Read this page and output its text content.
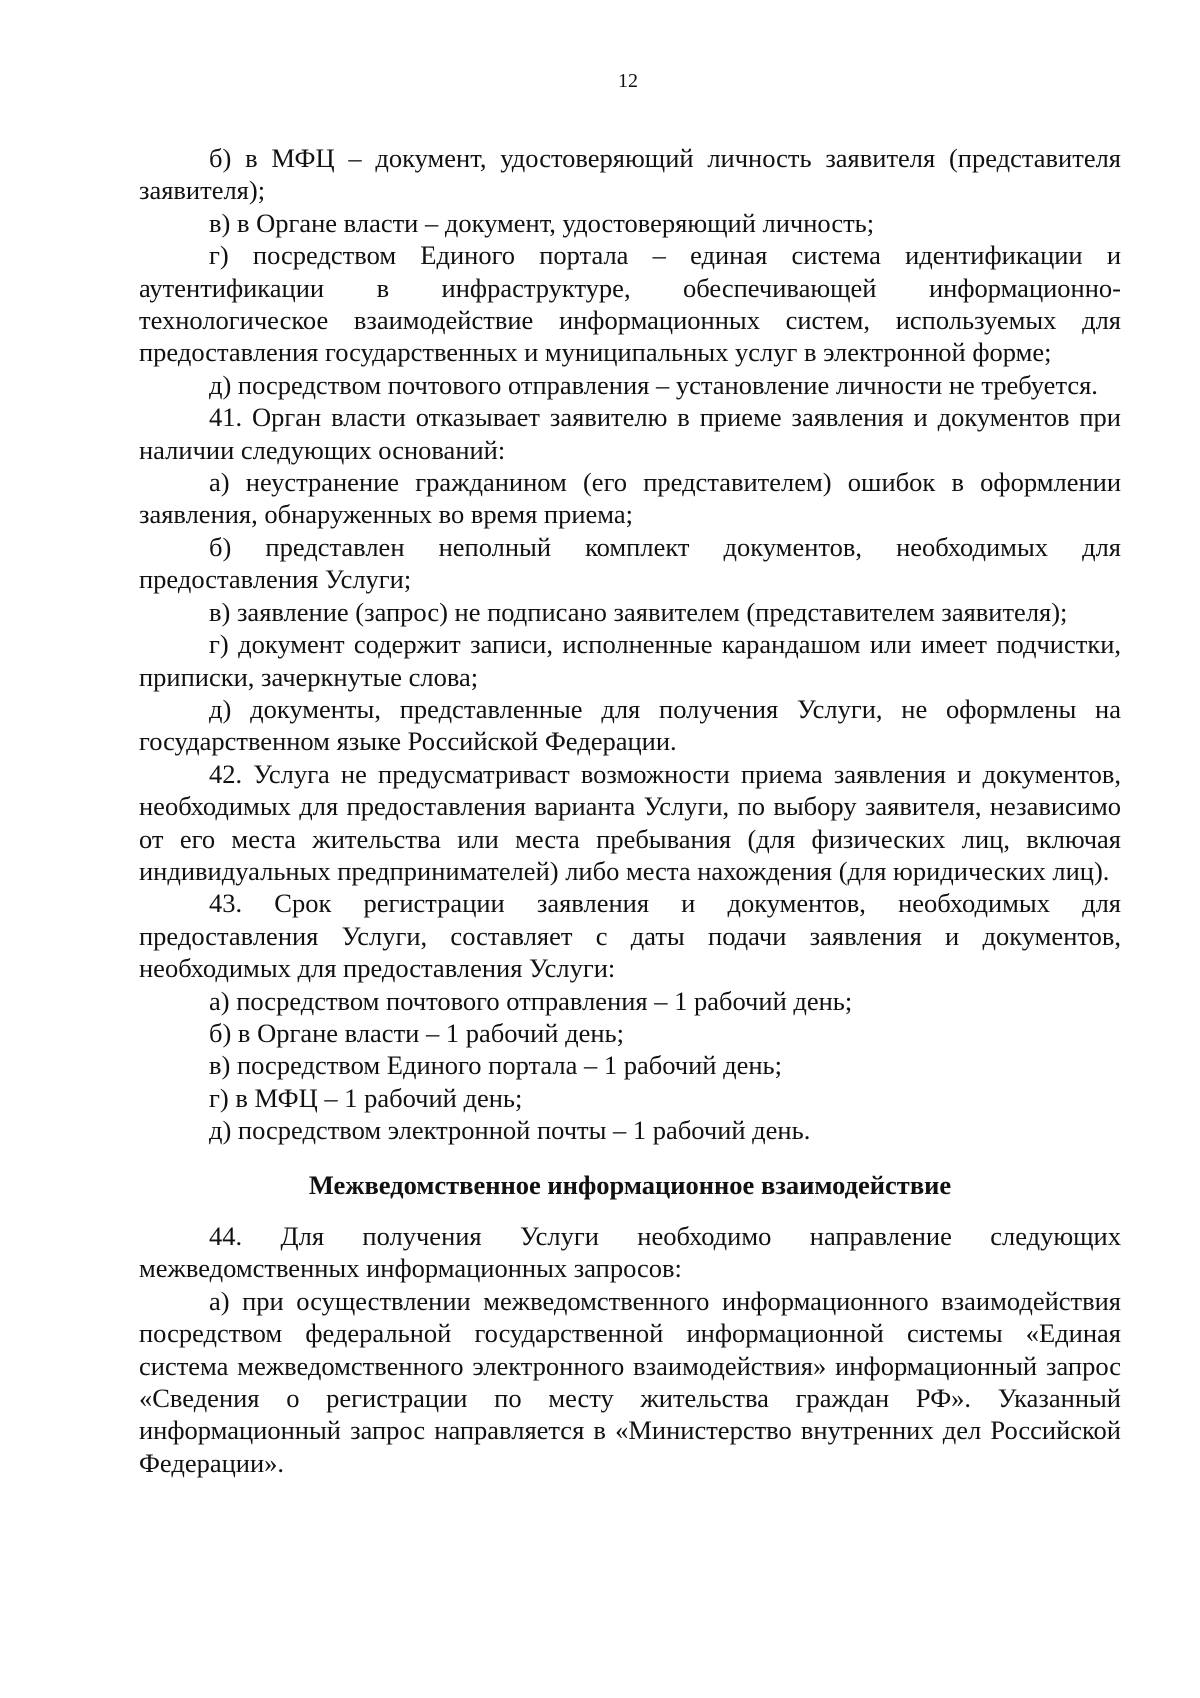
12

б) в МФЦ – документ, удостоверяющий личность заявителя (представителя заявителя);

в) в Органе власти – документ, удостоверяющий личность;

г) посредством Единого портала – единая система идентификации и аутентификации в инфраструктуре, обеспечивающей информационно-технологическое взаимодействие информационных систем, используемых для предоставления государственных и муниципальных услуг в электронной форме;

д) посредством почтового отправления – установление личности не требуется.

41. Орган власти отказывает заявителю в приеме заявления и документов при наличии следующих оснований:

а) неустранение гражданином (его представителем) ошибок в оформлении заявления, обнаруженных во время приема;

б) представлен неполный комплект документов, необходимых для предоставления Услуги;

в) заявление (запрос) не подписано заявителем (представителем заявителя);

г) документ содержит записи, исполненные карандашом или имеет подчистки, приписки, зачеркнутые слова;

д) документы, представленные для получения Услуги, не оформлены на государственном языке Российской Федерации.

42. Услуга не предусматриваст возможности приема заявления и документов, необходимых для предоставления варианта Услуги, по выбору заявителя, независимо от его места жительства или места пребывания (для физических лиц, включая индивидуальных предпринимателей) либо места нахождения (для юридических лиц).

43. Срок регистрации заявления и документов, необходимых для предоставления Услуги, составляет с даты подачи заявления и документов, необходимых для предоставления Услуги:

а) посредством почтового отправления – 1 рабочий день;

б) в Органе власти – 1 рабочий день;

в) посредством Единого портала – 1 рабочий день;

г) в МФЦ – 1 рабочий день;

д) посредством электронной почты – 1 рабочий день.

Межведомственное информационное взаимодействие

44. Для получения Услуги необходимо направление следующих межведомственных информационных запросов:

а) при осуществлении межведомственного информационного взаимодействия посредством федеральной государственной информационной системы «Единая система межведомственного электронного взаимодействия» информационный запрос «Сведения о регистрации по месту жительства граждан РФ». Указанный информационный запрос направляется в «Министерство внутренних дел Российской Федерации».
